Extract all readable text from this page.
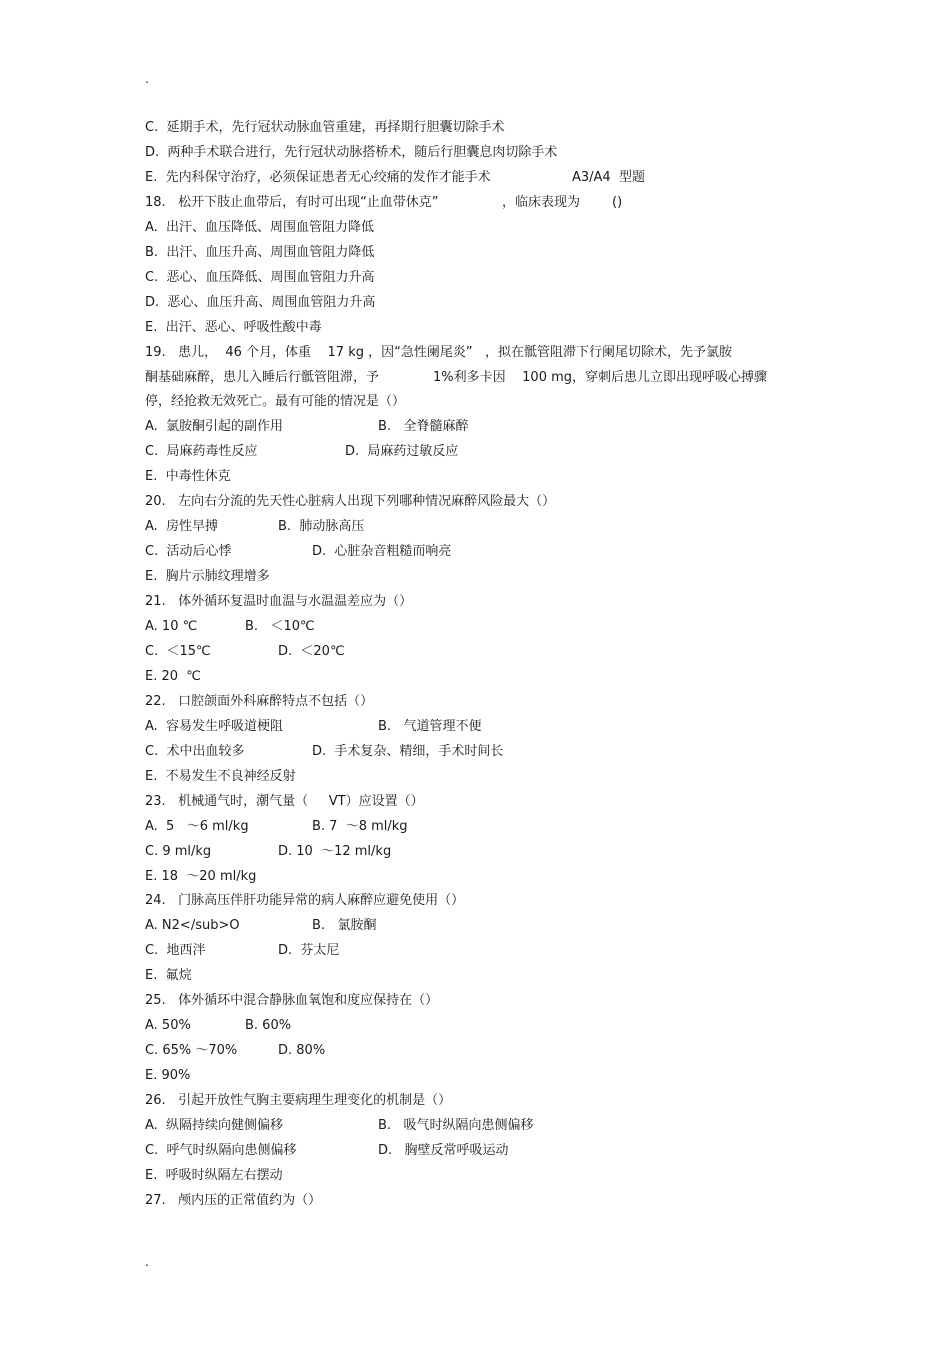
.
C.  延期手术，先行冠状动脉血管重建，再择期行胆囊切除手术
D.  两种手术联合进行，先行冠状动脉搭桥术，随后行胆囊息肉切除手术
E.  先内科保守治疗，必须保证患者无心绞痛的发作才能手术	A3/A4  型题
18.   松开下肢止血带后，有时可出现“止血带休克”	，临床表现为 ()
A.  出汗、血压降低、周围血管阻力降低
B.  出汗、血压升高、周围血管阻力降低
C.  恶心、血压降低、周围血管阻力升高
D.  恶心、血压升高、周围血管阻力升高
E.  出汗、恶心、呼吸性酸中毒
19.   患儿，  46 个月，体重    17 kg ，因“急性阑尾炎”   ，拟在骶管阻滞下行阑尾切除术，先予氯胺
酮基础麻醉，患儿入睡后行骶管阻滞，予	1%利多卡因    100 mg，穿刺后患儿立即出现呼吸心搏骤
停，经抢救无效死亡。最有可能的情况是（）
A.  氯胺酮引起的副作用	B.   全脊髓麻醉
C.  局麻药毒性反应	D.  局麻药过敏反应
E.  中毒性休克
20.   左向右分流的先天性心脏病人出现下列哪种情况麻醉风险最大（）
A.  房性早搏	B.  肺动脉高压
C.  活动后心悸	D.  心脏杂音粗糙而响亮
E.  胸片示肺纹理增多
21.   体外循环复温时血温与水温温差应为（）
A. 10 ℃	B.   ＜10℃
C.  ＜15℃	D.  ＜20℃
E. 20  ℃
22.   口腔颌面外科麻醉特点不包括（）
A.  容易发生呼吸道梗阻	B.   气道管理不便
C.  术中出血较多	D.  手术复杂、精细，手术时间长
E.  不易发生不良神经反射
23.   机械通气时，潮气量（     VT）应设置（）
A.  5   ～6 ml/kg	B. 7  ～8 ml/kg
C. 9 ml/kg	D. 10  ～12 ml/kg
E. 18  ～20 ml/kg
24.   门脉高压伴肝功能异常的病人麻醉应避免使用（）
A. N2</sub>O	B.   氯胺酮
C.  地西泮	D.  芬太尼
E.  氟烷
25.   体外循环中混合静脉血氧饱和度应保持在（）
A. 50%	B. 60%
C. 65% ～70%	D. 80%
E. 90%
26.   引起开放性气胸主要病理生理变化的机制是（）
A.  纵隔持续向健侧偏移	B.   吸气时纵隔向患侧偏移
C.  呼气时纵隔向患侧偏移	D.   胸壁反常呼吸运动
E.  呼吸时纵隔左右摆动
27.   颅内压的正常值约为（）
.
